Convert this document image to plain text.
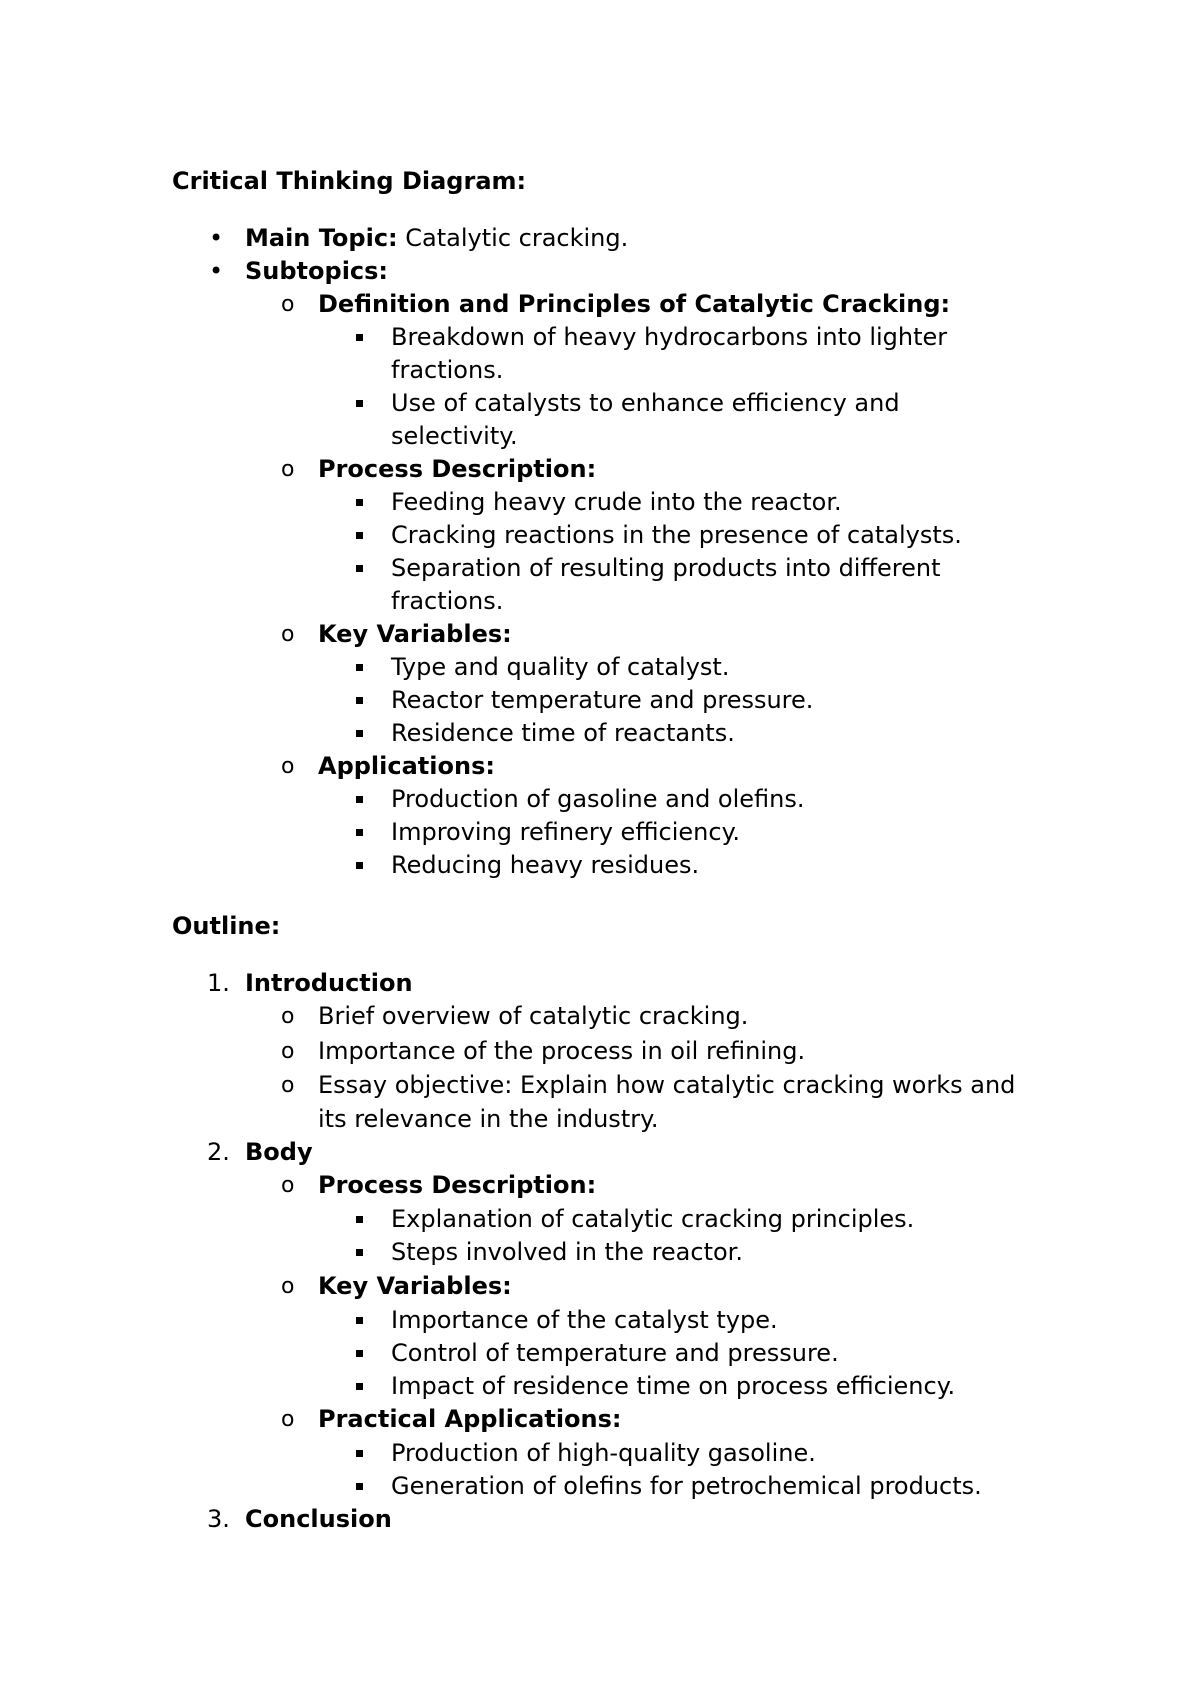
Critical Thinking Diagram:
• Main Topic: Catalytic cracking.
• Subtopics:
o Definition and Principles of Catalytic Cracking:
Breakdown of heavy hydrocarbons into lighter
fractions.
Use of catalysts to enhance efficiency and
selectivity.
o Process Description:
Feeding heavy crude into the reactor.
Cracking reactions in the presence of catalysts.
Separation of resulting products into different
fractions.
o Key Variables:
Type and quality of catalyst.
Reactor temperature and pressure.
Residence time of reactants.
o Applications:
Production of gasoline and olefins.
Improving refinery efficiency.
Reducing heavy residues.
Outline:
1. Introduction
o Brief overview of catalytic cracking.
o Importance of the process in oil refining.
o Essay objective: Explain how catalytic cracking works and
its relevance in the industry.
2. Body
o Process Description:
Explanation of catalytic cracking principles.
Steps involved in the reactor.
o Key Variables:
Importance of the catalyst type.
Control of temperature and pressure.
Impact of residence time on process efficiency.
o Practical Applications:
Production of high-quality gasoline.
Generation of olefins for petrochemical products.
3. Conclusion
